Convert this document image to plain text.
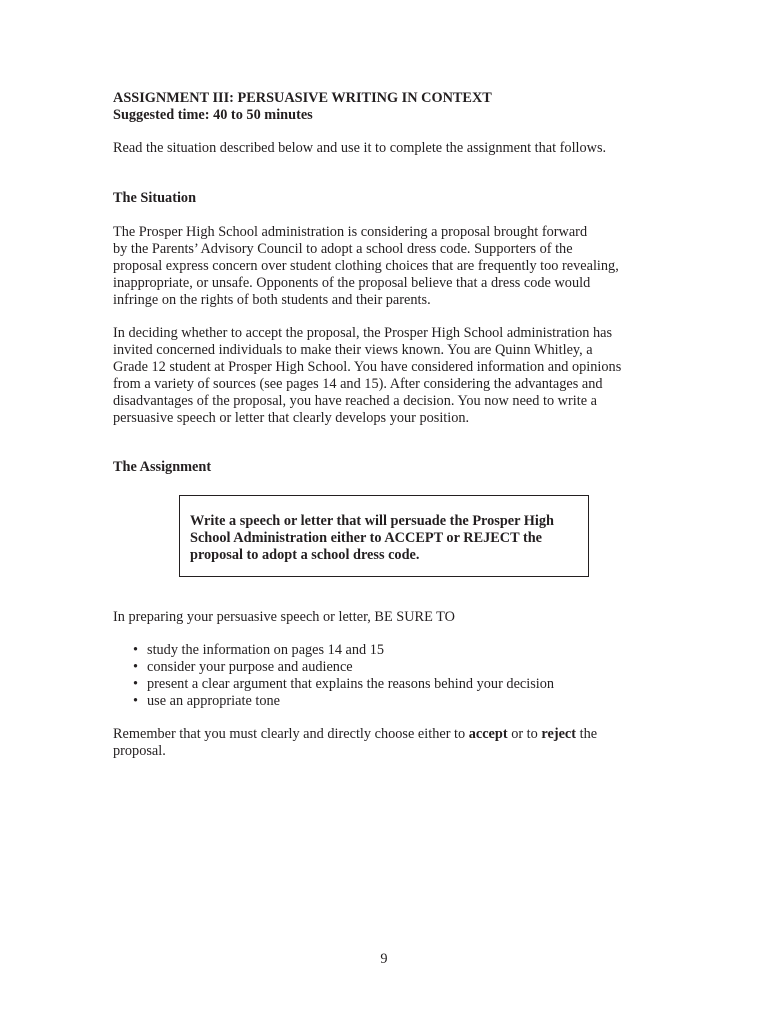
ASSIGNMENT III: PERSUASIVE WRITING IN CONTEXT

Suggested time: 40 to 50 minutes

Read the situation described below and use it to complete the assignment that follows.

The Situation

The Prosper High School administration is considering a proposal brought forward

by the Parents’ Advisory Council to adopt a school dress code. Supporters of the

proposal express concern over student clothing choices that are frequently too revealing,

inappropriate, or unsafe. Opponents of the proposal believe that a dress code would

infringe on the rights of both students and their parents.

In deciding whether to accept the proposal, the Prosper High School administration has

invited concerned individuals to make their views known. You are Quinn Whitley, a

Grade 12 student at Prosper High School. You have considered information and opinions

from a variety of sources (see pages 14 and 15). After considering the advantages and

disadvantages of the proposal, you have reached a decision. You now need to write a

persuasive speech or letter that clearly develops your position.

The Assignment

Write a speech or letter that will persuade the Prosper High
School Administration either to ACCEPT or REJECT the
proposal to adopt a school dress code.

In preparing your persuasive speech or letter, BE SURE TO

• study the information on pages 14 and 15
• consider your purpose and audience
• present a clear argument that explains the reasons behind your decision
• use an appropriate tone

Remember that you must clearly and directly choose either to accept or to reject the

proposal.

9
